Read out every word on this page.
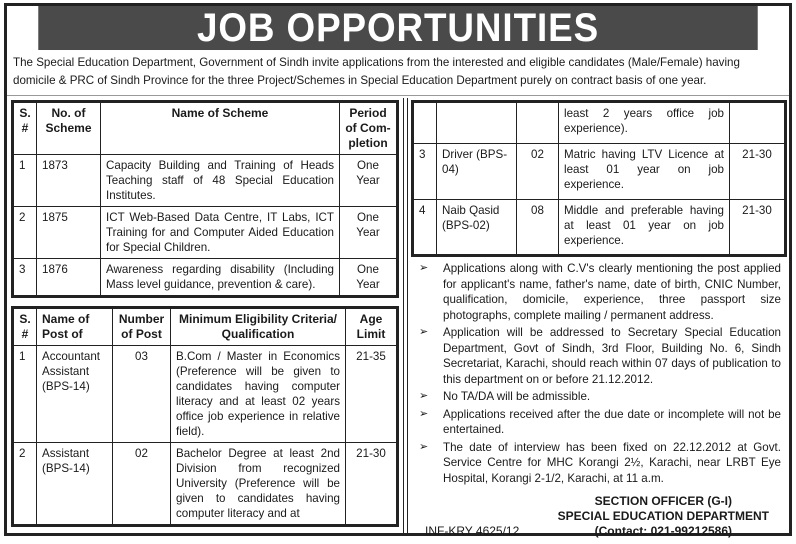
JOB OPPORTUNITIES
The Special Education Department, Government of Sindh invite applications from the interested and eligible candidates (Male/Female) having domicile & PRC of Sindh Province for the three Project/Schemes in Special Education Department purely on contract basis of one year.
S. #	No. of Scheme	Name of Scheme	Period of Com-pletion
1	1873	Capacity Building and Training of Heads Teaching staff of 48 Special Education Institutes.	One Year
2	1875	ICT Web-Based Data Centre, IT Labs, ICT Training for and Computer Aided Education for Special Children.	One Year
3	1876	Awareness regarding disability (Including Mass level guidance, prevention & care).	One Year
S. #	Name of Post of	Number of Post	Minimum Eligibility Criteria/ Qualification	Age Limit
1	Accountant Assistant (BPS-14)	03	B.Com / Master in Economics (Preference will be given to candidates having computer literacy and at least 02 years office job experience in relative field).	21-35
2	Assistant (BPS-14)	02	Bachelor Degree at least 2nd Division from recognized University (Preference will be given to candidates having computer literacy and at	21-30
			least 2 years office job experience).	
3	Driver (BPS-04)	02	Matric having LTV Licence at least 01 year on job experience.	21-30
4	Naib Qasid (BPS-02)	08	Middle and preferable having at least 01 year on job experience.	21-30
➢ Applications along with C.V's clearly mentioning the post applied for applicant's name, father's name, date of birth, CNIC Number, qualification, domicile, experience, three passport size photographs, complete mailing / permanent address.
➢ Application will be addressed to Secretary Special Education Department, Govt of Sindh, 3rd Floor, Building No. 6, Sindh Secretariat, Karachi, should reach within 07 days of publication to this department on or before 21.12.2012.
➢ No TA/DA will be admissible.
➢ Applications received after the due date or incomplete will not be entertained.
➢ The date of interview has been fixed on 22.12.2012 at Govt. Service Centre for MHC Korangi 2½, Karachi, near LRBT Eye Hospital, Korangi 2-1/2, Karachi, at 11 a.m.
SECTION OFFICER (G-I)
SPECIAL EDUCATION DEPARTMENT
(Contact: 021-99212586)
INF-KRY 4625/12
